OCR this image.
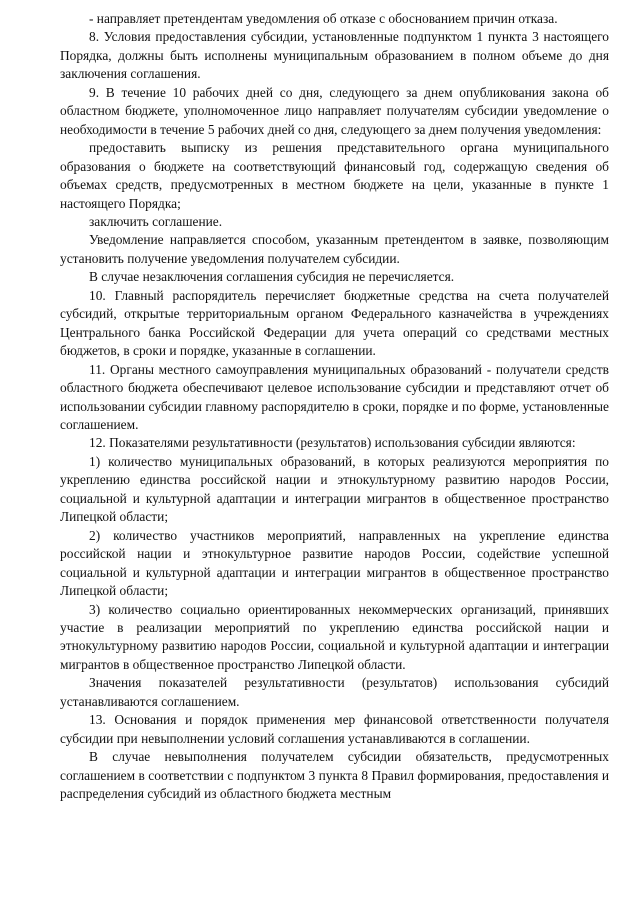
- направляет претендентам уведомления об отказе с обоснованием причин отказа.

8. Условия предоставления субсидии, установленные подпунктом 1 пункта 3 настоящего Порядка, должны быть исполнены муниципальным образованием в полном объеме до дня заключения соглашения.

9. В течение 10 рабочих дней со дня, следующего за днем опубликования закона об областном бюджете, уполномоченное лицо направляет получателям субсидии уведомление о необходимости в течение 5 рабочих дней со дня, следующего за днем получения уведомления:

предоставить выписку из решения представительного органа муниципального образования о бюджете на соответствующий финансовый год, содержащую сведения об объемах средств, предусмотренных в местном бюджете на цели, указанные в пункте 1 настоящего Порядка;

заключить соглашение.

Уведомление направляется способом, указанным претендентом в заявке, позволяющим установить получение уведомления получателем субсидии.

В случае незаключения соглашения субсидия не перечисляется.

10. Главный распорядитель перечисляет бюджетные средства на счета получателей субсидий, открытые территориальным органом Федерального казначейства в учреждениях Центрального банка Российской Федерации для учета операций со средствами местных бюджетов, в сроки и порядке, указанные в соглашении.

11. Органы местного самоуправления муниципальных образований - получатели средств областного бюджета обеспечивают целевое использование субсидии и представляют отчет об использовании субсидии главному распорядителю в сроки, порядке и по форме, установленные соглашением.

12. Показателями результативности (результатов) использования субсидии являются:

1) количество муниципальных образований, в которых реализуются мероприятия по укреплению единства российской нации и этнокультурному развитию народов России, социальной и культурной адаптации и интеграции мигрантов в общественное пространство Липецкой области;

2) количество участников мероприятий, направленных на укрепление единства российской нации и этнокультурное развитие народов России, содействие успешной социальной и культурной адаптации и интеграции мигрантов в общественное пространство Липецкой области;

3) количество социально ориентированных некоммерческих организаций, принявших участие в реализации мероприятий по укреплению единства российской нации и этнокультурному развитию народов России, социальной и культурной адаптации и интеграции мигрантов в общественное пространство Липецкой области.

Значения показателей результативности (результатов) использования субсидий устанавливаются соглашением.

13. Основания и порядок применения мер финансовой ответственности получателя субсидии при невыполнении условий соглашения устанавливаются в соглашении.

В случае невыполнения получателем субсидии обязательств, предусмотренных соглашением в соответствии с подпунктом 3 пункта 8 Правил формирования, предоставления и распределения субсидий из областного бюджета местным
